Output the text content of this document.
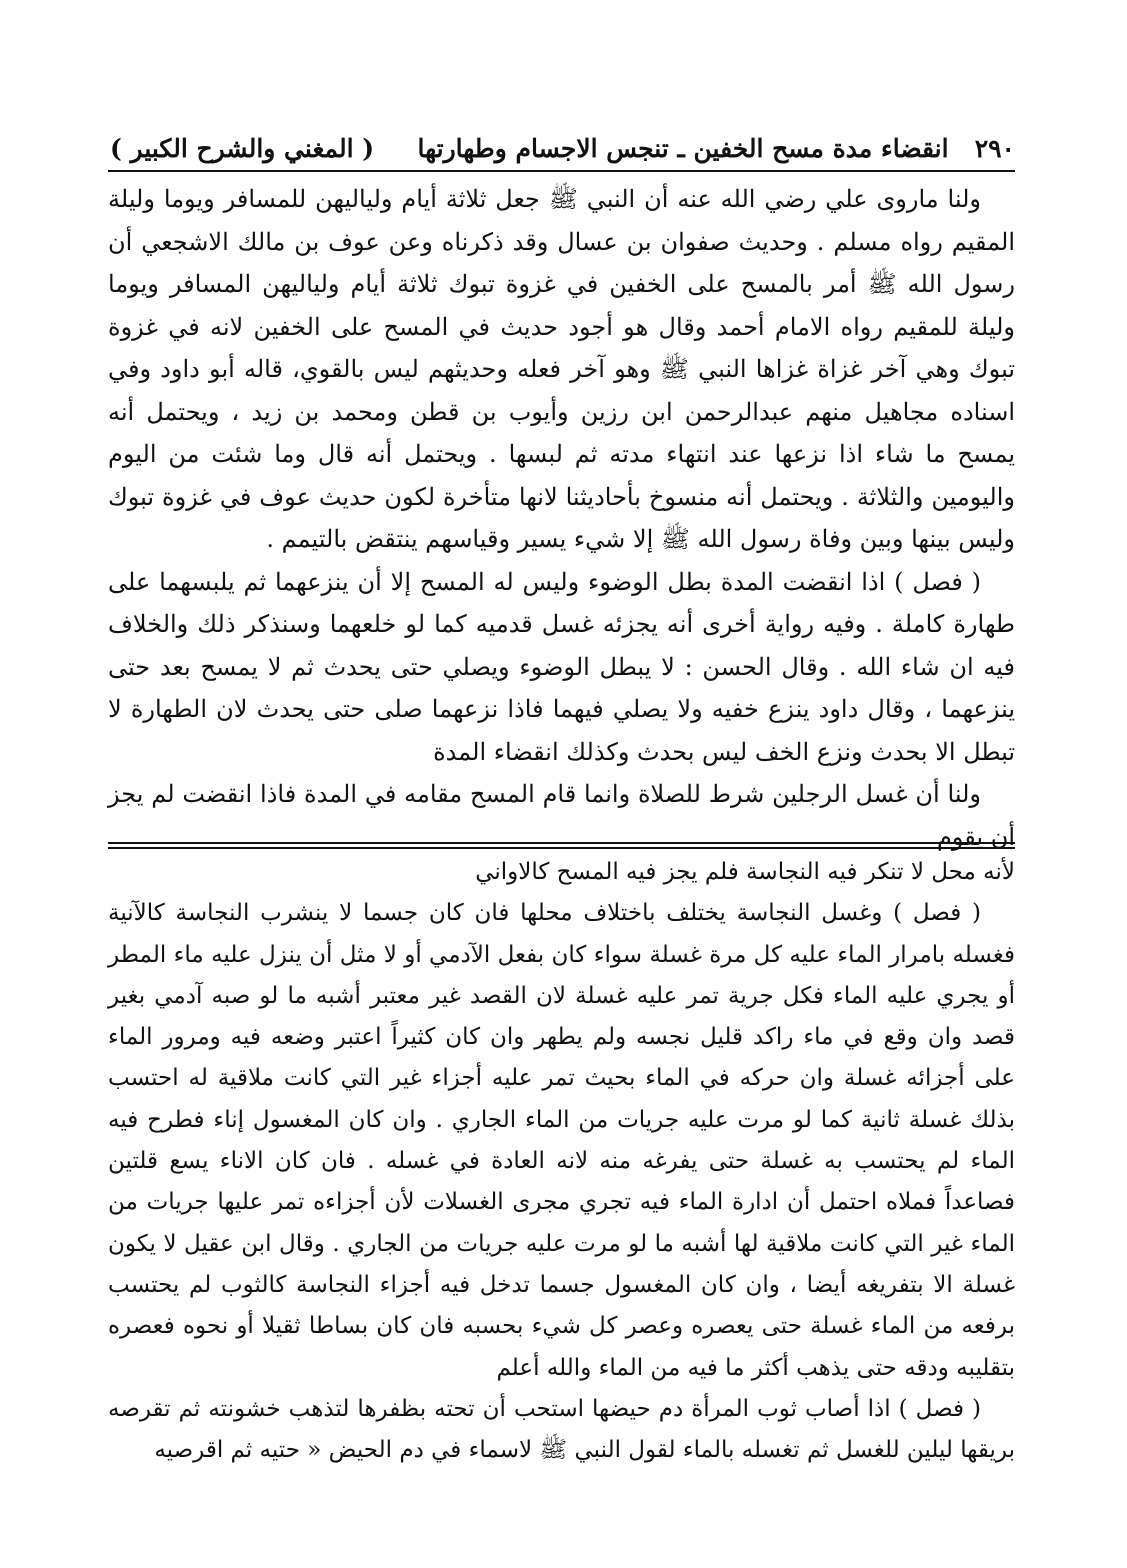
٢٩٠   انقضاء مدة مسح الخفين ـ تنجس الاجسام وطهارتها
( المغني والشرح الكبير )

ولنا ماروى علي رضي الله عنه أن النبي ﷺ جعل ثلاثة أيام ولياليهن للمسافر ويوما وليلة المقيم رواه مسلم . وحديث صفوان بن عسال وقد ذكرناه وعن عوف بن مالك الاشجعي أن رسول الله ﷺ أمر بالمسح على الخفين في غزوة تبوك ثلاثة أيام ولياليهن المسافر ويوما وليلة للمقيم رواه الامام أحمد وقال هو أجود حديث في المسح على الخفين لانه في غزوة تبوك وهي آخر غزاة غزاها النبي ﷺ وهو آخر فعله وحديثهم ليس بالقوي، قاله أبو داود وفي اسناده مجاهيل منهم عبدالرحمن ابن رزين وأيوب بن قطن ومحمد بن زيد ، ويحتمل أنه يمسح ما شاء اذا نزعها عند انتهاء مدته ثم لبسها . ويحتمل أنه قال وما شئت من اليوم واليومين والثلاثة . ويحتمل أنه منسوخ بأحاديثنا لانها متأخرة لكون حديث عوف في غزوة تبوك وليس بينها وبين وفاة رسول الله ﷺ إلا شيء يسير وقياسهم ينتقض بالتيمم .

( فصل ) اذا انقضت المدة بطل الوضوء وليس له المسح إلا أن ينزعهما ثم يلبسهما على طهارة كاملة . وفيه رواية أخرى أنه يجزئه غسل قدميه كما لو خلعهما وسنذكر ذلك والخلاف فيه ان شاء الله . وقال الحسن : لا يبطل الوضوء ويصلي حتى يحدث ثم لا يمسح بعد حتى ينزعهما ، وقال داود ينزع خفيه ولا يصلي فيهما فاذا نزعهما صلى حتى يحدث لان الطهارة لا تبطل الا بحدث ونزع الخف ليس بحدث وكذلك انقضاء المدة

ولنا أن غسل الرجلين شرط للصلاة وانما قام المسح مقامه في المدة فاذا انقضت لم يجز أن يقوم

لأنه محل لا تنكر فيه النجاسة فلم يجز فيه المسح كالاواني

( فصل ) وغسل النجاسة يختلف باختلاف محلها فان كان جسما لا ينشرب النجاسة كالآنية فغسله بامرار الماء عليه كل مرة غسلة سواء كان بفعل الآدمي أو لا مثل أن ينزل عليه ماء المطر أو يجري عليه الماء فكل جرية تمر عليه غسلة لان القصد غير معتبر أشبه ما لو صبه آدمي بغير قصد وان وقع في ماء راكد قليل نجسه ولم يطهر وان كان كثيراً اعتبر وضعه فيه ومرور الماء على أجزائه غسلة وان حركه في الماء بحيث تمر عليه أجزاء غير التي كانت ملاقية له احتسب بذلك غسلة ثانية كما لو مرت عليه جريات من الماء الجاري . وان كان المغسول إناء فطرح فيه الماء لم يحتسب به غسلة حتى يفرغه منه لانه العادة في غسله . فان كان الاناء يسع قلتين فصاعداً فملاه احتمل أن ادارة الماء فيه تجري مجرى الغسلات لأن أجزاءه تمر عليها جريات من الماء غير التي كانت ملاقية لها أشبه ما لو مرت عليه جريات من الجاري . وقال ابن عقيل لا يكون غسلة الا بتفريغه أيضا ، وان كان المغسول جسما تدخل فيه أجزاء النجاسة كالثوب لم يحتسب برفعه من الماء غسلة حتى يعصره وعصر كل شيء بحسبه فان كان بساطا ثقيلا أو نحوه فعصره بتقليبه ودقه حتى يذهب أكثر ما فيه من الماء والله أعلم

( فصل ) اذا أصاب ثوب المرأة دم حيضها استحب أن تحته بظفرها لتذهب خشونته ثم تقرصه بريقها ليلين للغسل ثم تغسله بالماء لقول النبي ﷺ لاسماء في دم الحيض « حتيه ثم اقرصيه
